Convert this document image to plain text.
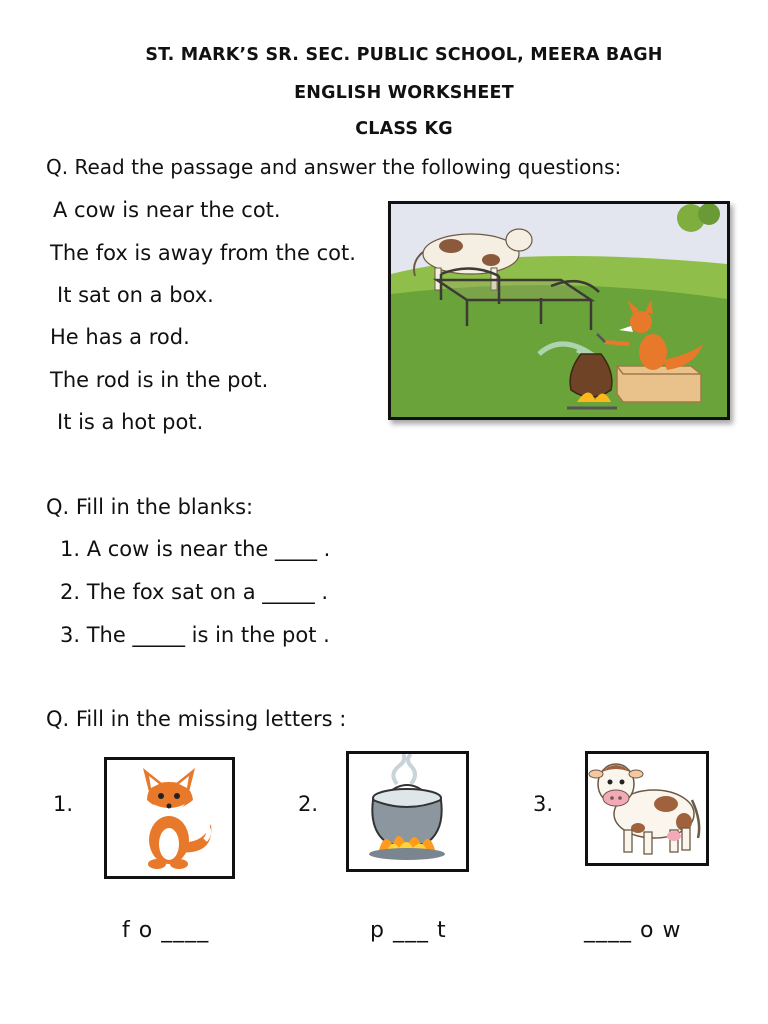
ST. MARK’S SR. SEC. PUBLIC SCHOOL, MEERA BAGH
ENGLISH WORKSHEET
CLASS KG
Q. Read the passage and answer the following questions:
A cow is near the cot.
The fox is away from the cot.
It sat on a box.
He has a rod.
The rod is in the pot.
It is a hot pot.
Q. Fill in the blanks:
1. A cow is near the ____ .
2. The fox sat on a _____ .
3. The _____ is in the pot .
Q. Fill in the missing letters :
1.	2.	3.
f o ____	p ___ t	____ o w
